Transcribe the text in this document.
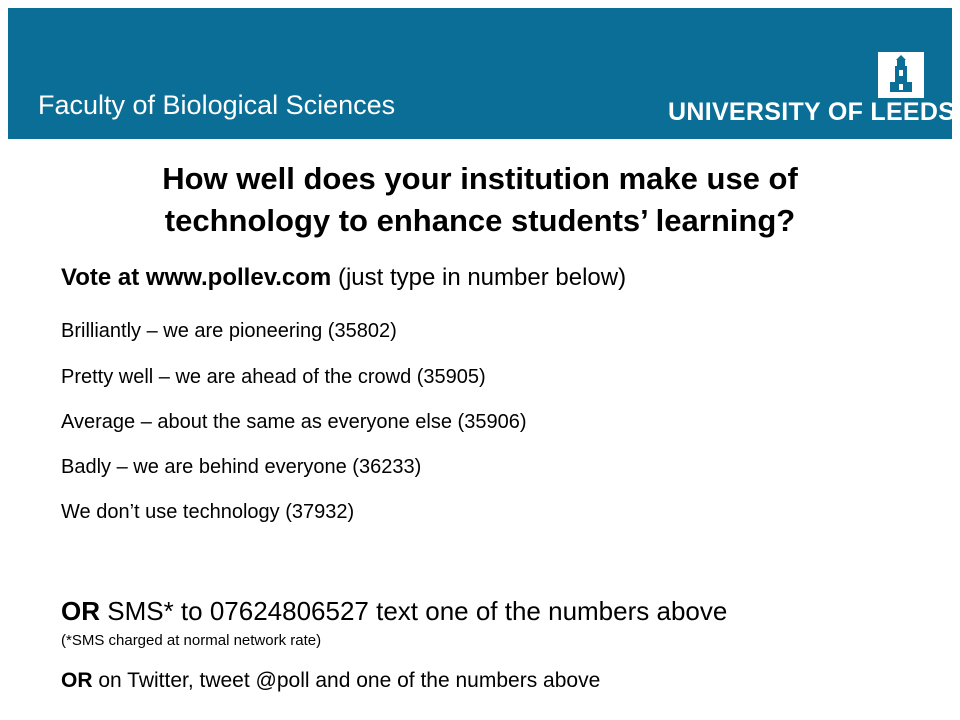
Faculty of Biological Sciences	UNIVERSITY OF LEEDS
How well does your institution make use of
technology to enhance students’ learning?
Vote at www.pollev.com (just type in number below)
Brilliantly – we are pioneering (35802)
Pretty well – we are ahead of the crowd (35905)
Average – about the same as everyone else (35906)
Badly – we are behind everyone (36233)
We don’t use technology (37932)
OR SMS* to 07624806527 text one of the numbers above
(*SMS charged at normal network rate)
OR on Twitter, tweet @poll and one of the numbers above
